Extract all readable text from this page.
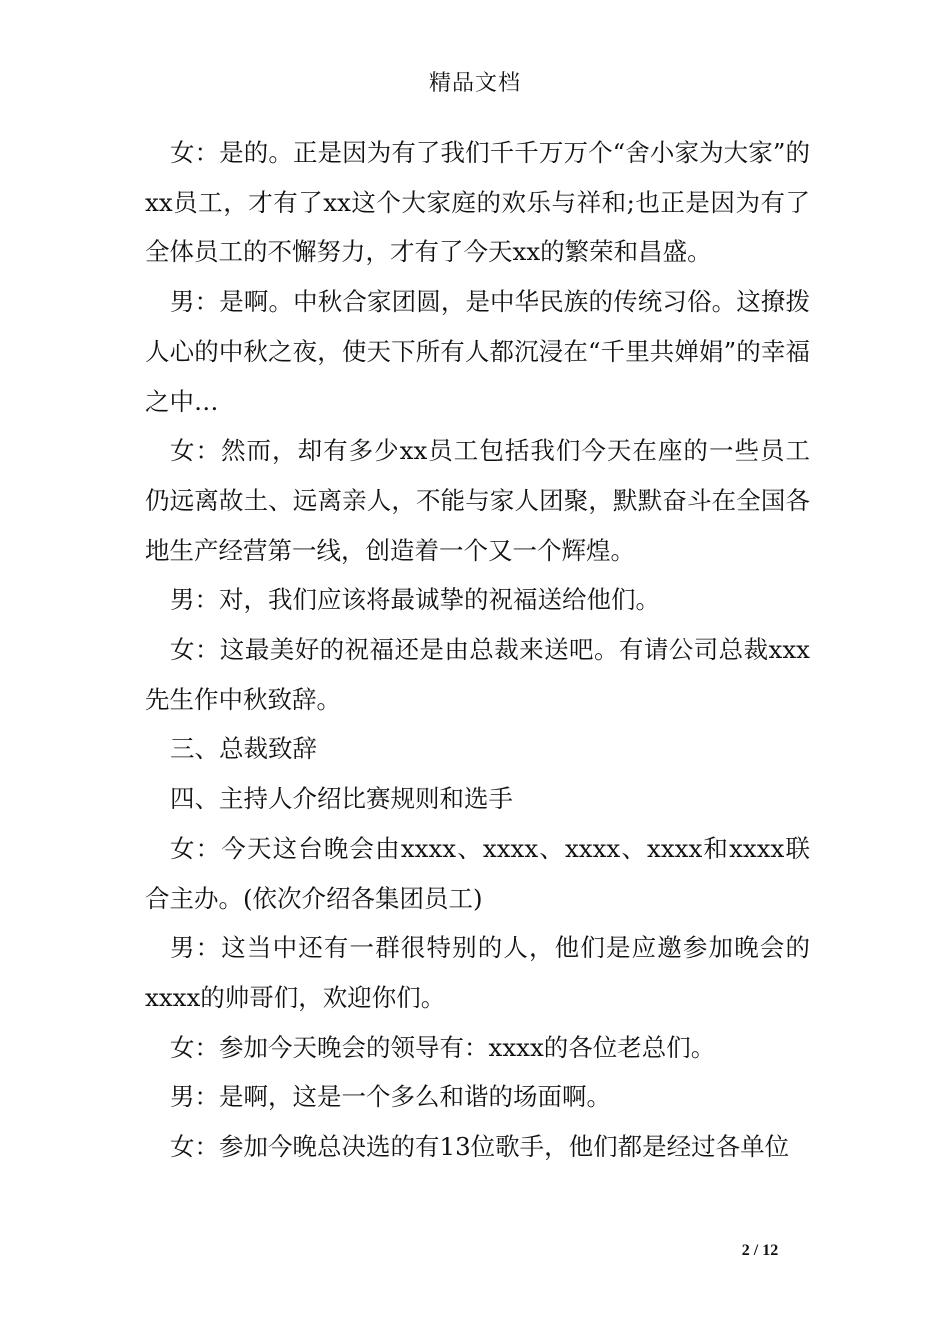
精品文档

女：是的。正是因为有了我们千千万万个“舍小家为大家”的xx员工，才有了xx这个大家庭的欢乐与祥和;也正是因为有了全体员工的不懈努力，才有了今天xx的繁荣和昌盛。

男：是啊。中秋合家团圆，是中华民族的传统习俗。这撩拨人心的中秋之夜，使天下所有人都沉浸在“千里共婵娟”的幸福之中…

女：然而，却有多少xx员工包括我们今天在座的一些员工仍远离故土、远离亲人，不能与家人团聚，默默奋斗在全国各地生产经营第一线，创造着一个又一个辉煌。

男：对，我们应该将最诚挚的祝福送给他们。

女：这最美好的祝福还是由总裁来送吧。有请公司总裁xxx先生作中秋致辞。

三、总裁致辞

四、主持人介绍比赛规则和选手

女：今天这台晚会由xxxx、xxxx、xxxx、xxxx和xxxx联合主办。(依次介绍各集团员工)

男：这当中还有一群很特别的人，他们是应邀参加晚会的xxxx的帅哥们，欢迎你们。

女：参加今天晚会的领导有：xxxx的各位老总们。

男：是啊，这是一个多么和谐的场面啊。

女：参加今晚总决选的有13位歌手，他们都是经过各单位

2 / 12
